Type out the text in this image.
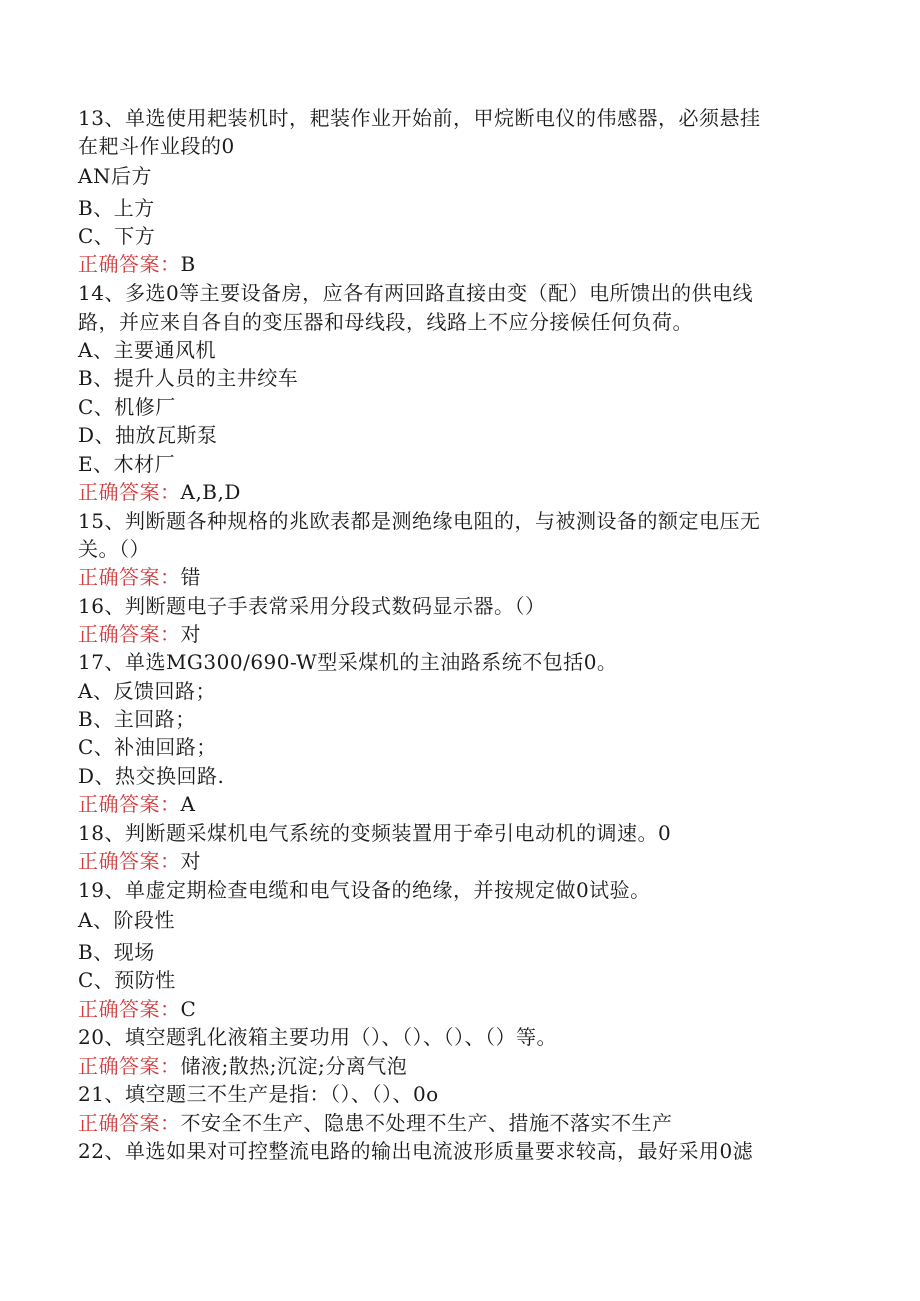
13、单选使用耙装机时，耙装作业开始前，甲烷断电仪的伟感器，必须悬挂
在耙斗作业段的0
AN后方
B、上方
C、下方
正确答案：B
14、多选0等主要设备房，应各有两回路直接由变（配）电所馈出的供电线
路，并应来自各自的变压器和母线段，线路上不应分接候任何负荷。
A、主要通风机
B、提升人员的主井绞车
C、机修厂
D、抽放瓦斯泵
E、木材厂
正确答案：A,B,D
15、判断题各种规格的兆欧表都是测绝缘电阻的，与被测设备的额定电压无
关。（）
正确答案：错
16、判断题电子手表常采用分段式数码显示器。（）
正确答案：对
17、单选MG300/690-W型采煤机的主油路系统不包括0。
A、反馈回路；
B、主回路；
C、补油回路；
D、热交换回路.
正确答案：A
18、判断题采煤机电气系统的变频装置用于牵引电动机的调速。0
正确答案：对
19、单虚定期检查电缆和电气设备的绝缘，并按规定做0试验。
A、阶段性
B、现场
C、预防性
正确答案：C
20、填空题乳化液箱主要功用（）、（）、（）、（）等。
正确答案：储液;散热;沉淀;分离气泡
21、填空题三不生产是指：（）、（）、0o
正确答案：不安全不生产、隐患不处理不生产、措施不落实不生产
22、单选如果对可控整流电路的输出电流波形质量要求较高，最好采用0滤
